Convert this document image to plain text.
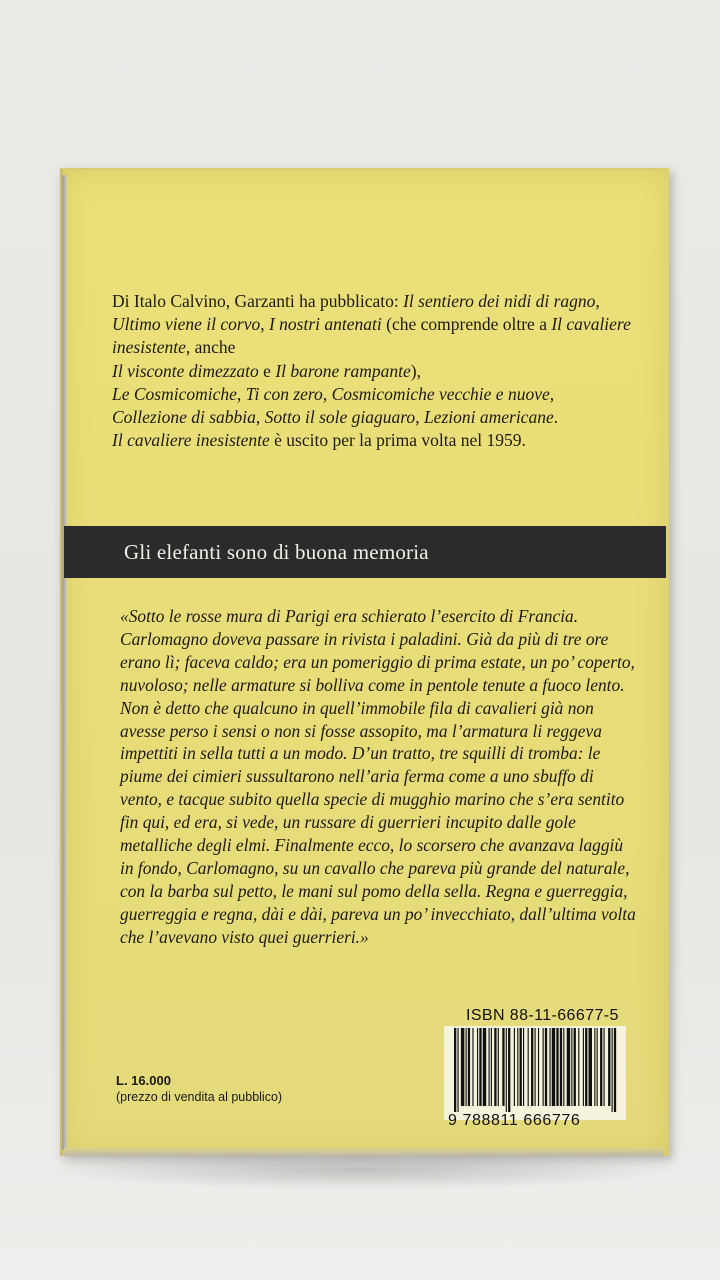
Di Italo Calvino, Garzanti ha pubblicato: Il sentiero dei nidi di ragno, Ultimo viene il corvo, I nostri antenati (che comprende oltre a Il cavaliere inesistente, anche
Il visconte dimezzato e Il barone rampante),
Le Cosmicomiche, Ti con zero, Cosmicomiche vecchie e nuove, Collezione di sabbia, Sotto il sole giaguaro, Lezioni americane.

Il cavaliere inesistente è uscito per la prima volta nel 1959.

Gli elefanti sono di buona memoria

«Sotto le rosse mura di Parigi era schierato l’esercito di Francia. Carlomagno doveva passare in rivista i paladini. Già da più di tre ore erano lì; faceva caldo; era un pomeriggio di prima estate, un po’ coperto, nuvoloso; nelle armature si bolliva come in pentole tenute a fuoco lento. Non è detto che qualcuno in quell’immobile fila di cavalieri già non avesse perso i sensi o non si fosse assopito, ma l’armatura li reggeva impettiti in sella tutti a un modo. D’un tratto, tre squilli di tromba: le piume dei cimieri sussultarono nell’aria ferma come a uno sbuffo di vento, e tacque subito quella specie di mugghio marino che s’era sentito fin qui, ed era, si vede, un russare di guerrieri incupito dalle gole metalliche degli elmi. Finalmente ecco, lo scorsero che avanzava laggiù in fondo, Carlomagno, su un cavallo che pareva più grande del naturale, con la barba sul petto, le mani sul pomo della sella. Regna e guerreggia, guerreggia e regna, dài e dài, pareva un po’ invecchiato, dall’ultima volta che l’avevano visto quei guerrieri.»

ISBN 88-11-66677-5
9 788811 666776
L. 16.000
(prezzo di vendita al pubblico)
